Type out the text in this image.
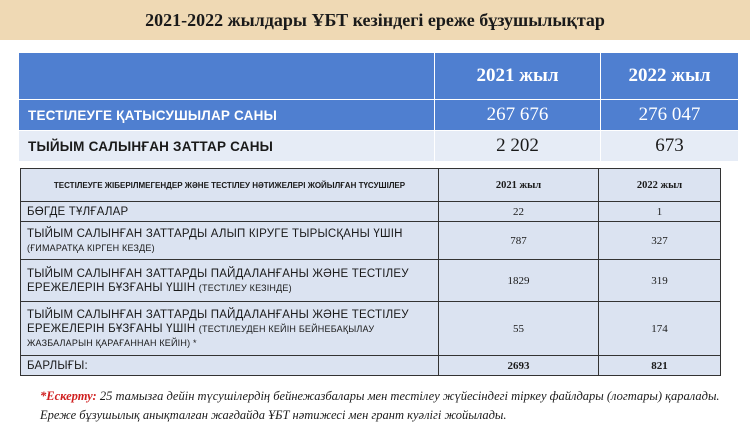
2021-2022 жылдары ҰБТ кезіндегі ереже бұзушылықтар
	2021 жыл	2022 жыл
ТЕСТІЛЕУГЕ ҚАТЫСУШЫЛАР САНЫ	267 676	276 047
ТЫЙЫМ САЛЫНҒАН ЗАТТАР САНЫ	2 202	673
ТЕСТІЛЕУГЕ ЖІБЕРІЛМЕГЕНДЕР ЖӘНЕ ТЕСТІЛЕУ НӘТИЖЕЛЕРІ ЖОЙЫЛҒАН ТҮСУШІЛЕР	2021 жыл	2022 жыл
БӨГДЕ ТҰЛҒАЛАР	22	1
ТЫЙЫМ САЛЫНҒАН ЗАТТАРДЫ АЛЫП КІРУГЕ ТЫРЫСҚАНЫ ҮШІН (ҒИМАРАТҚА КІРГЕН КЕЗДЕ)	787	327
ТЫЙЫМ САЛЫНҒАН ЗАТТАРДЫ ПАЙДАЛАНҒАНЫ ЖӘНЕ ТЕСТІЛЕУ ЕРЕЖЕЛЕРІН БҰЗҒАНЫ ҮШІН (ТЕСТІЛЕУ КЕЗІНДЕ)	1829	319
ТЫЙЫМ САЛЫНҒАН ЗАТТАРДЫ ПАЙДАЛАНҒАНЫ ЖӘНЕ ТЕСТІЛЕУ ЕРЕЖЕЛЕРІН БҰЗҒАНЫ ҮШІН (ТЕСТІЛЕУДЕН КЕЙІН БЕЙНЕБАҚЫЛАУ ЖАЗБАЛАРЫН ҚАРАҒАННАН КЕЙІН) *	55	174
БАРЛЫҒЫ:	2693	821
*Ескерту: 25 тамызға дейін түсушілердің бейнежазбалары мен тестілеу жүйесіндегі тіркеу файлдары (логтары) қаралады. Ереже бұзушылық анықталған жағдайда ҰБТ нәтижесі мен грант куәлігі жойылады.
